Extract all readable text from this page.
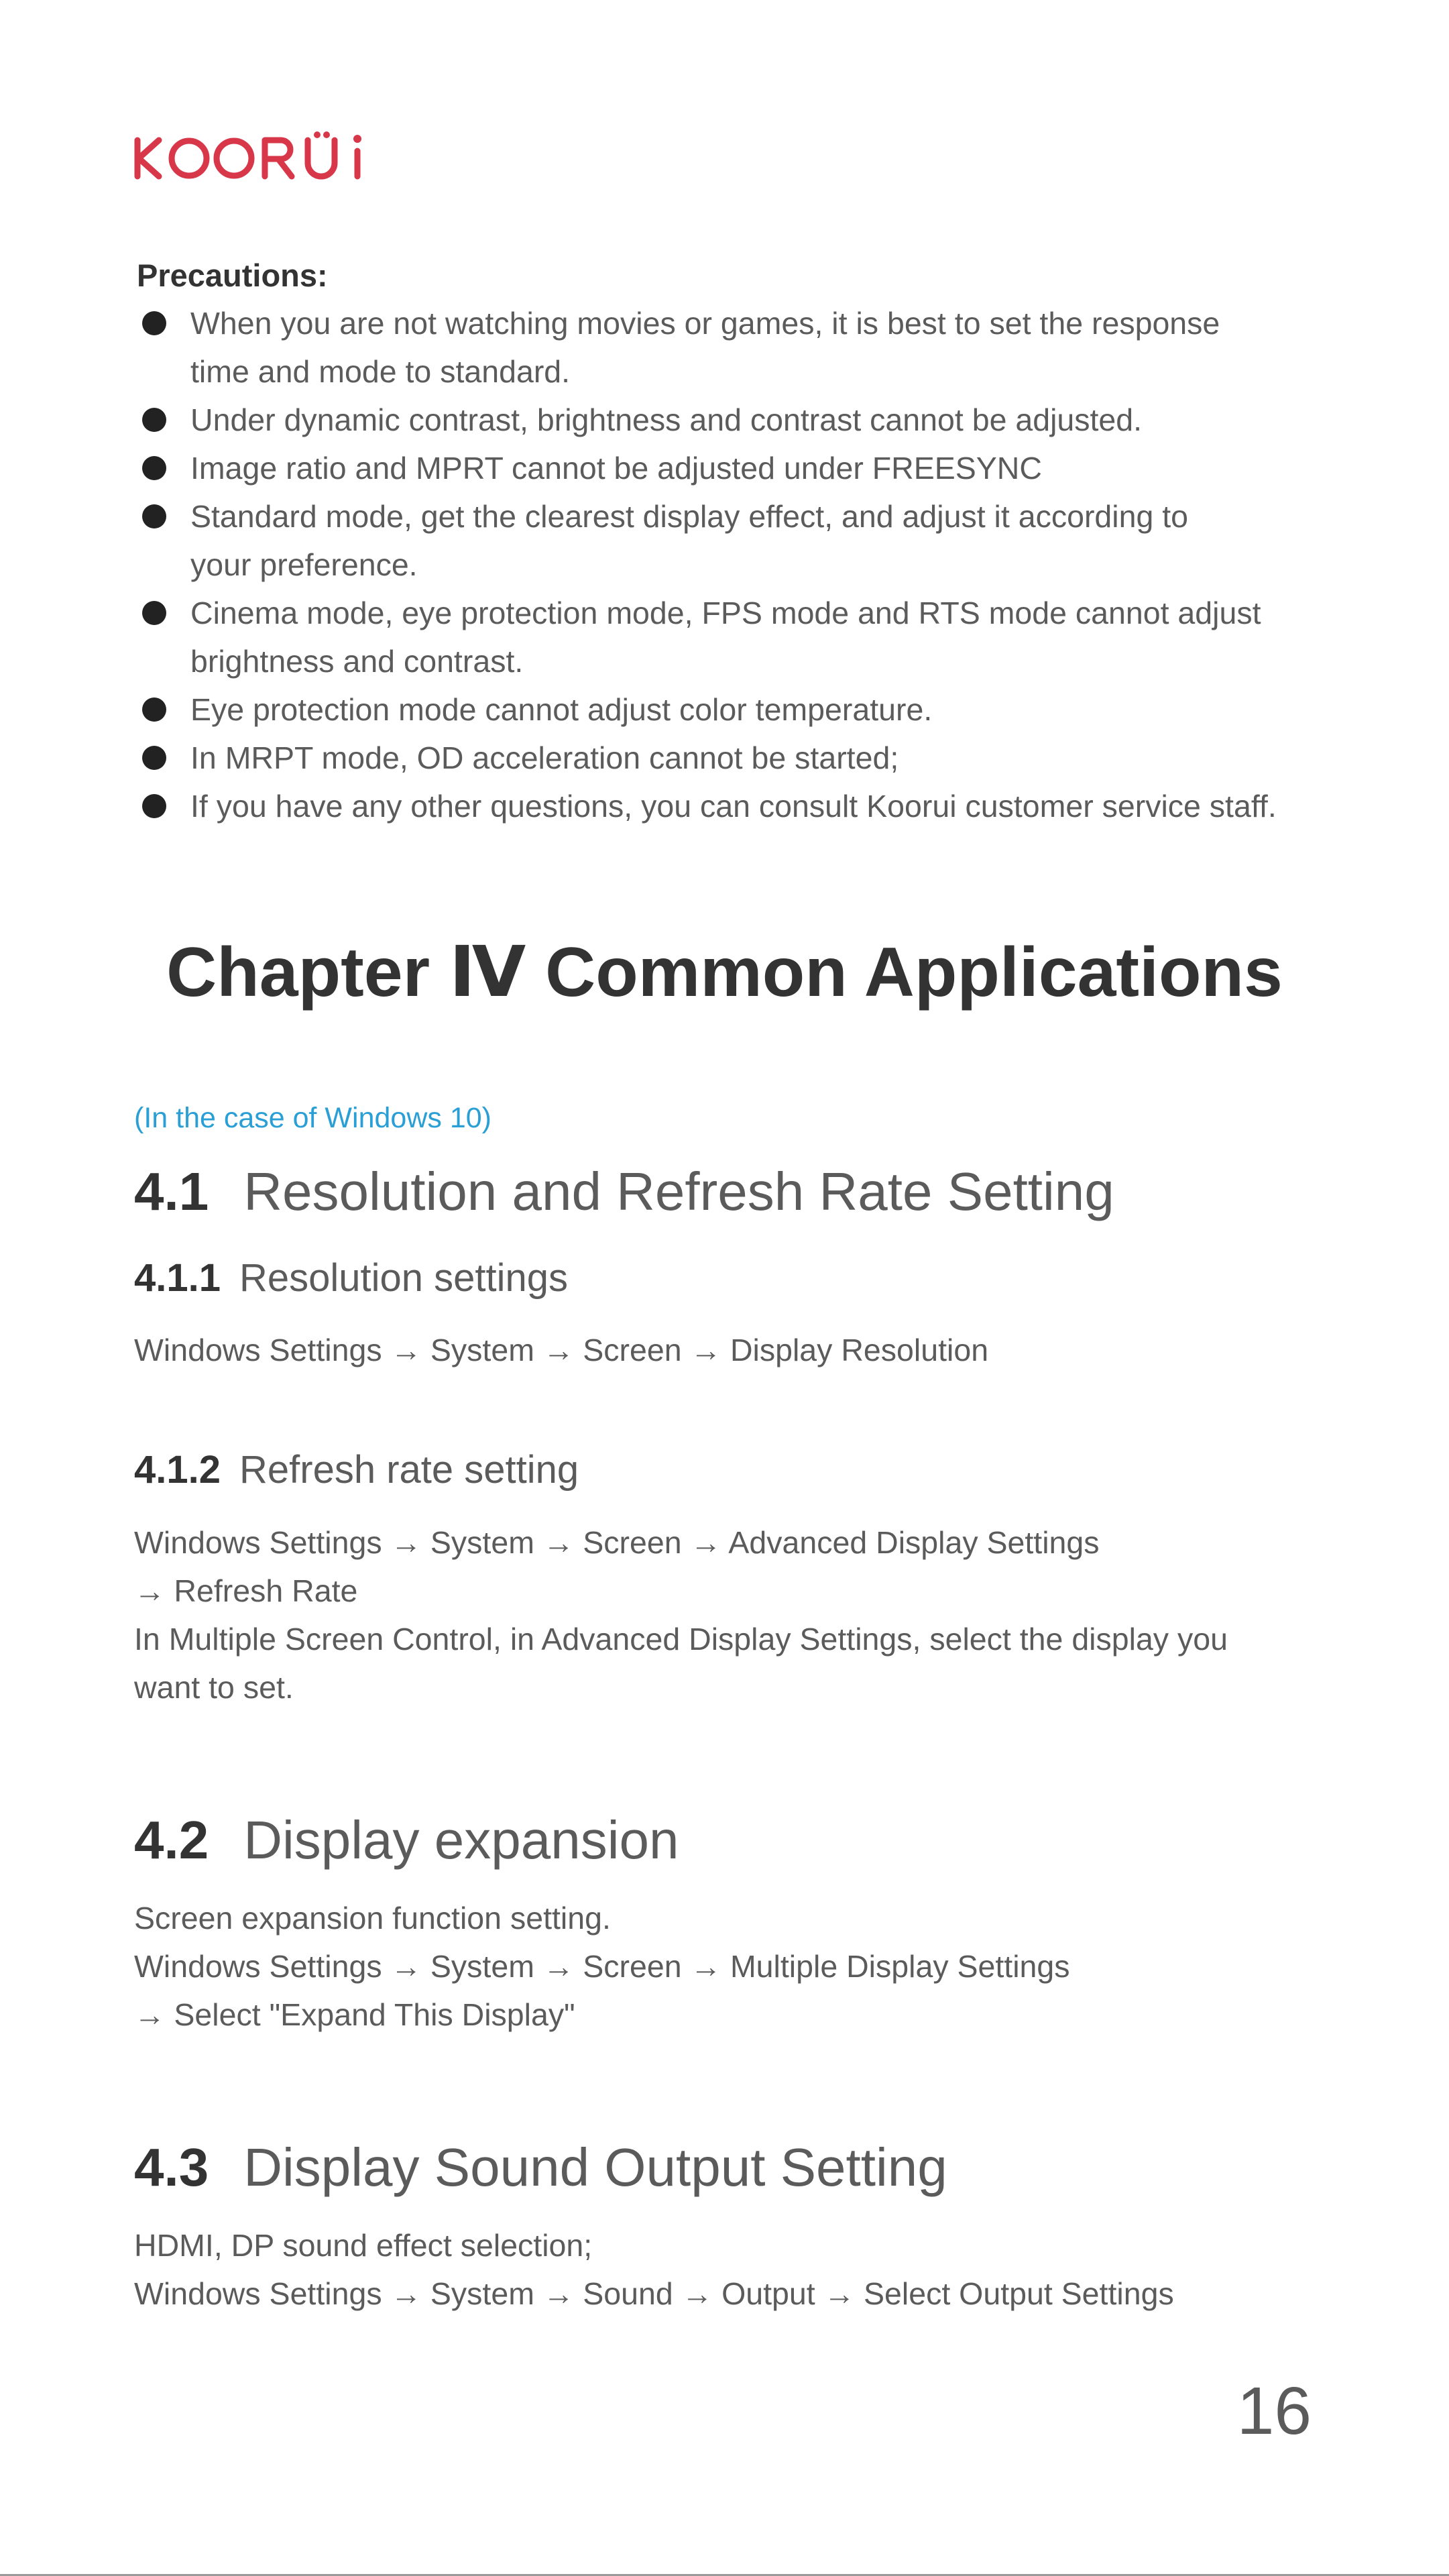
Precautions:
When you are not watching movies or games, it is best to set the response
time and mode to standard.
Under dynamic contrast, brightness and contrast cannot be adjusted.
Image ratio and MPRT cannot be adjusted under FREESYNC
Standard mode, get the clearest display effect, and adjust it according to
your preference.
Cinema mode, eye protection mode, FPS mode and RTS mode cannot adjust
brightness and contrast.
Eye protection mode cannot adjust color temperature.
In MRPT mode, OD acceleration cannot be started;
If you have any other questions, you can consult Koorui customer service staff.
Chapter Ⅳ Common Applications
(In the case of Windows 10)
4.1 Resolution and Refresh Rate Setting
4.1.1 Resolution settings
Windows Settings → System → Screen → Display Resolution
4.1.2 Refresh rate setting
Windows Settings → System → Screen → Advanced Display Settings
→ Refresh Rate
In Multiple Screen Control, in Advanced Display Settings, select the display you
want to set.
4.2 Display expansion
Screen expansion function setting.
Windows Settings → System → Screen → Multiple Display Settings
→ Select "Expand This Display"
4.3 Display Sound Output Setting
HDMI, DP sound effect selection;
Windows Settings → System → Sound → Output → Select Output Settings
16
